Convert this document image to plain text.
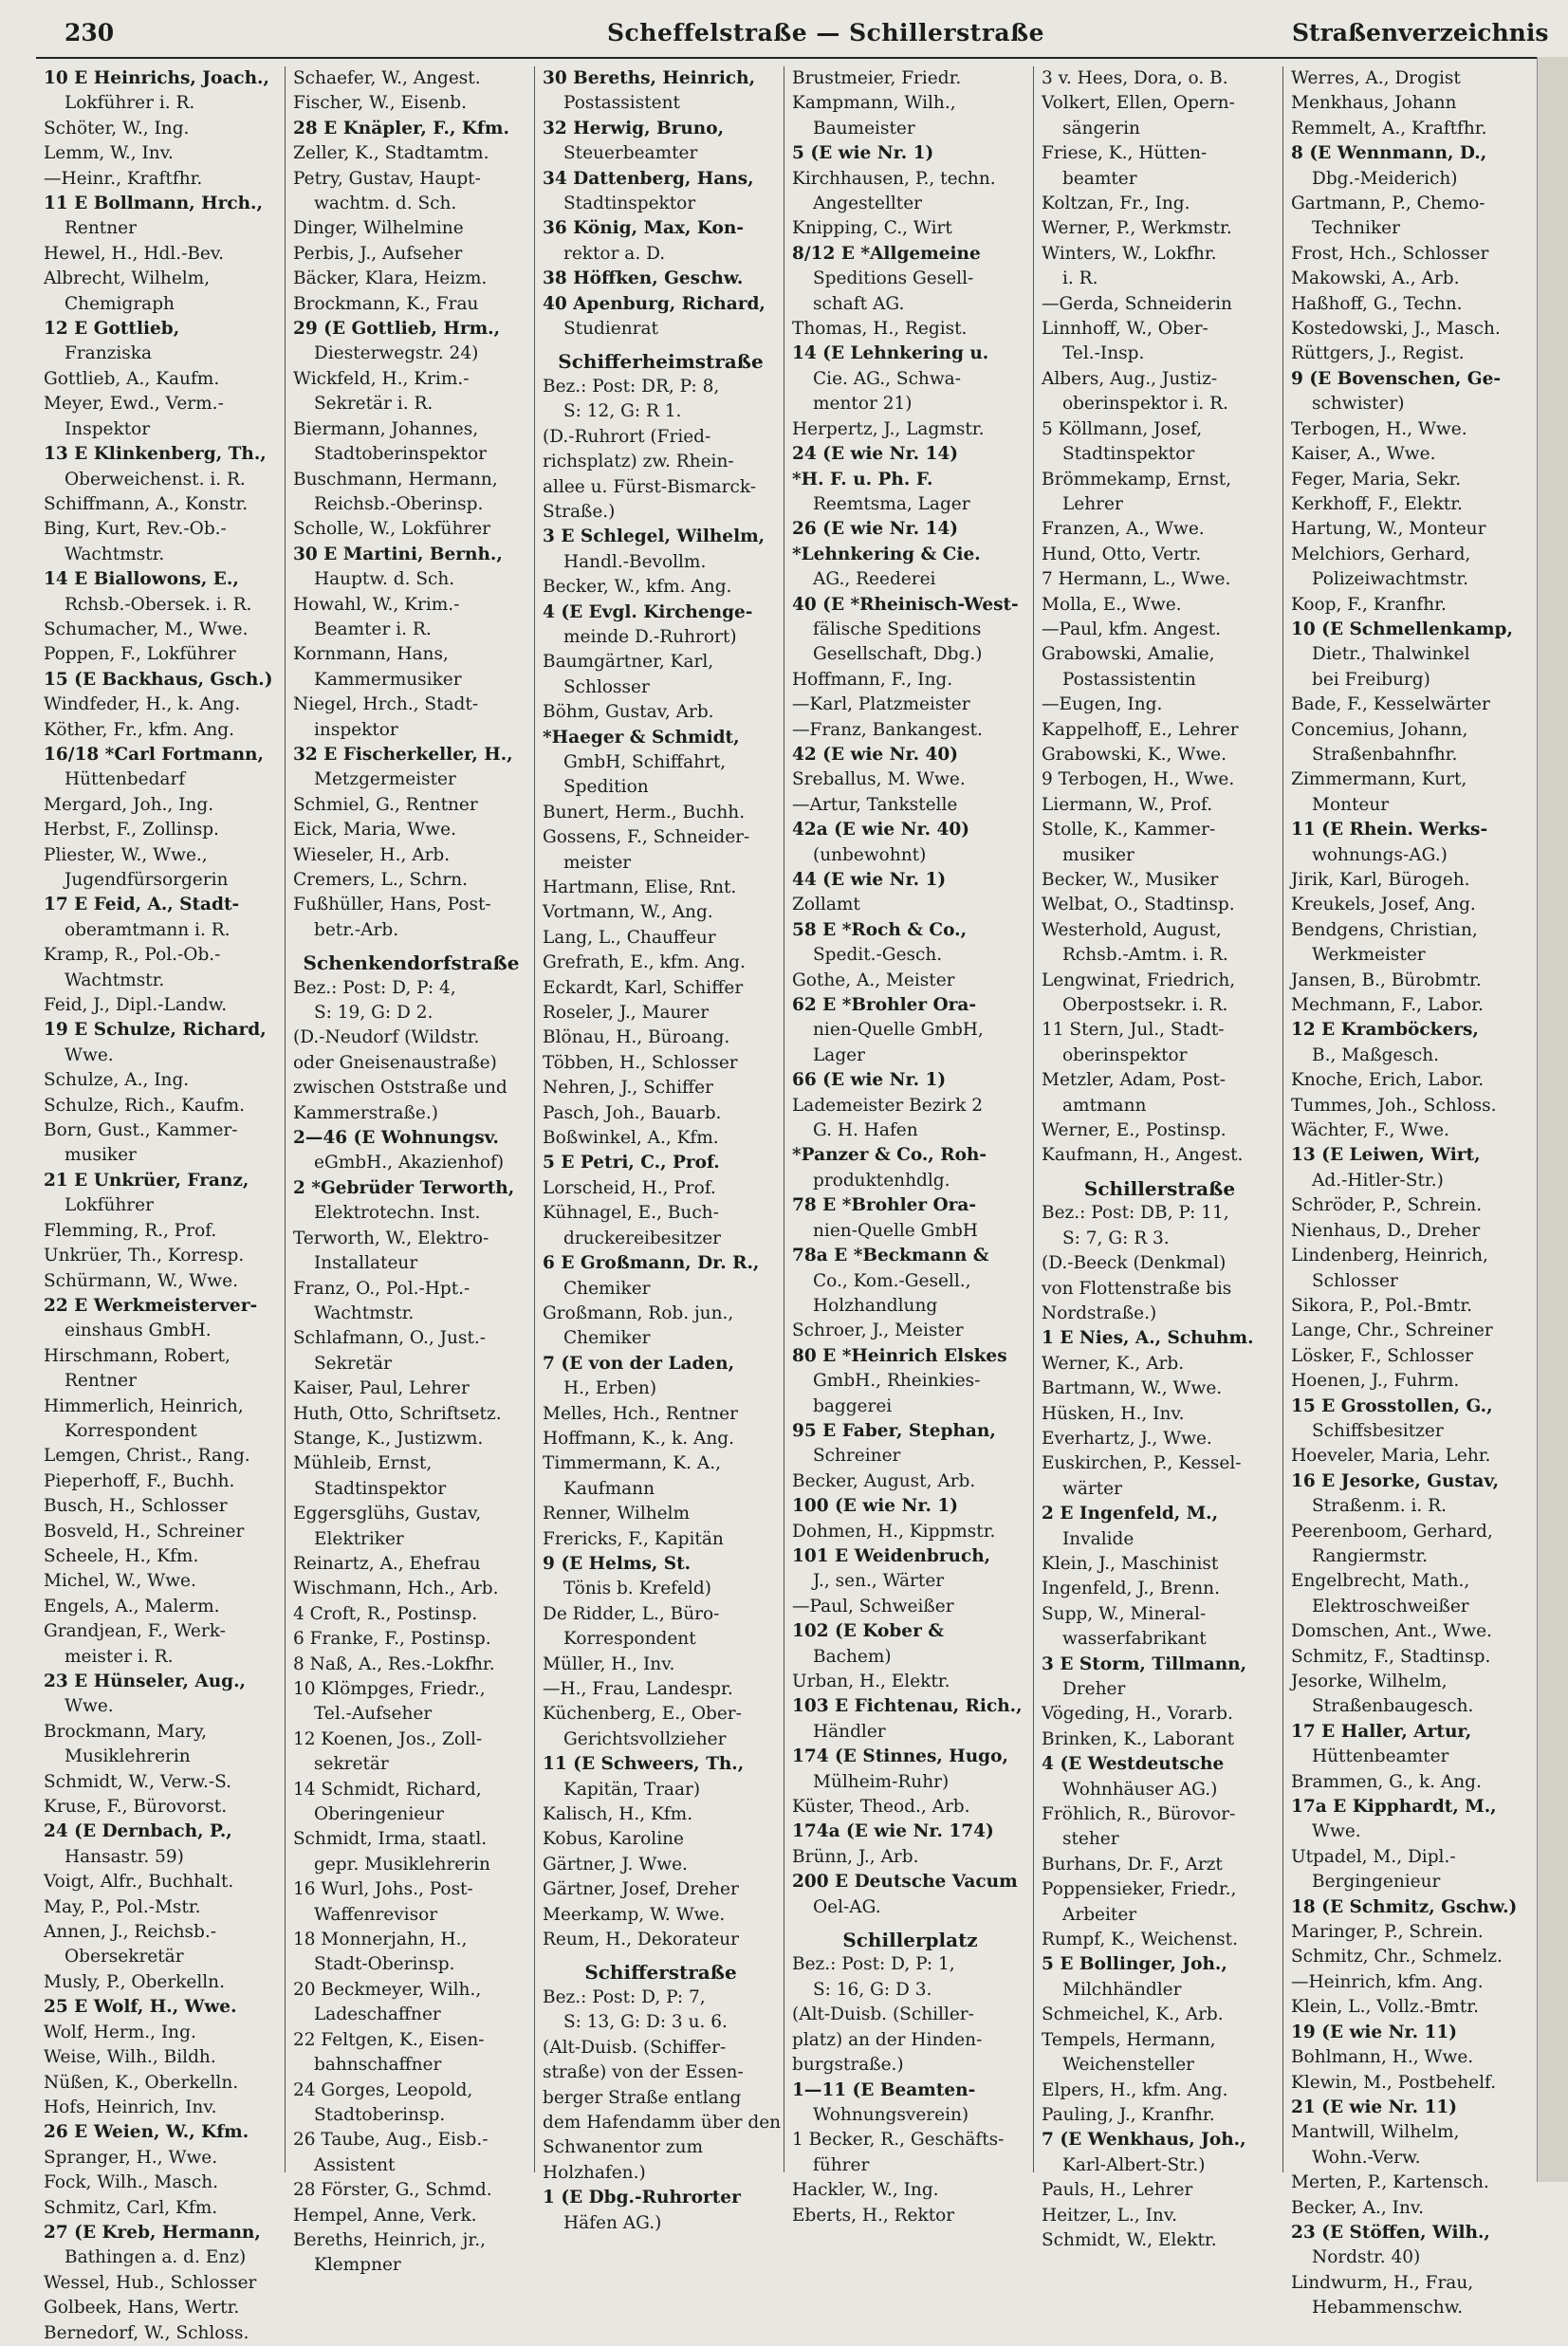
230	Scheffelstraße — Schillerstraße	Straßenverzeichnis
10 E Heinrichs, Joach.,
Lokführer i. R.
Schöter, W., Ing.
Lemm, W., Inv.
—Heinr., Kraftfhr.
11 E Bollmann, Hrch.,
Rentner
Hewel, H., Hdl.-Bev.
Albrecht, Wilhelm,
Chemigraph
12 E Gottlieb,
Franziska
Gottlieb, A., Kaufm.
Meyer, Ewd., Verm.-
Inspektor
13 E Klinkenberg, Th.,
Oberweichenst. i. R.
Schiffmann, A., Konstr.
Bing, Kurt, Rev.-Ob.-
Wachtmstr.
14 E Biallowons, E.,
Rchsb.-Obersek. i. R.
Schumacher, M., Wwe.
Poppen, F., Lokführer
15 (E Backhaus, Gsch.)
Windfeder, H., k. Ang.
Köther, Fr., kfm. Ang.
16/18 *Carl Fortmann,
Hüttenbedarf
Mergard, Joh., Ing.
Herbst, F., Zollinsp.
Pliester, W., Wwe.,
Jugendfürsorgerin
17 E Feid, A., Stadt-
oberamtmann i. R.
Kramp, R., Pol.-Ob.-
Wachtmstr.
Feid, J., Dipl.-Landw.
19 E Schulze, Richard,
Wwe.
Schulze, A., Ing.
Schulze, Rich., Kaufm.
Born, Gust., Kammer-
musiker
21 E Unkrüer, Franz,
Lokführer
Flemming, R., Prof.
Unkrüer, Th., Korresp.
Schürmann, W., Wwe.
22 E Werkmeisterver-
einshaus GmbH.
Hirschmann, Robert,
Rentner
Himmerlich, Heinrich,
Korrespondent
Lemgen, Christ., Rang.
Pieperhoff, F., Buchh.
Busch, H., Schlosser
Bosveld, H., Schreiner
Scheele, H., Kfm.
Michel, W., Wwe.
Engels, A., Malerm.
Grandjean, F., Werk-
meister i. R.
23 E Hünseler, Aug.,
Wwe.
Brockmann, Mary,
Musiklehrerin
Schmidt, W., Verw.-S.
Kruse, F., Bürovorst.
24 (E Dernbach, P.,
Hansastr. 59)
Voigt, Alfr., Buchhalt.
May, P., Pol.-Mstr.
Annen, J., Reichsb.-
Obersekretär
Musly, P., Oberkelln.
25 E Wolf, H., Wwe.
Wolf, Herm., Ing.
Weise, Wilh., Bildh.
Nüßen, K., Oberkelln.
Hofs, Heinrich, Inv.
26 E Weien, W., Kfm.
Spranger, H., Wwe.
Fock, Wilh., Masch.
Schmitz, Carl, Kfm.
27 (E Kreb, Hermann,
Bathingen a. d. Enz)
Wessel, Hub., Schlosser
Golbeek, Hans, Wertr.
Bernedorf, W., Schloss.
Schaefer, W., Angest.
Fischer, W., Eisenb.
28 E Knäpler, F., Kfm.
Zeller, K., Stadtamtm.
Petry, Gustav, Haupt-
wachtm. d. Sch.
Dinger, Wilhelmine
Perbis, J., Aufseher
Bäcker, Klara, Heizm.
Brockmann, K., Frau
29 (E Gottlieb, Hrm.,
Diesterwegstr. 24)
Wickfeld, H., Krim.-
Sekretär i. R.
Biermann, Johannes,
Stadtoberinspektor
Buschmann, Hermann,
Reichsb.-Oberinsp.
Scholle, W., Lokführer
30 E Martini, Bernh.,
Hauptw. d. Sch.
Howahl, W., Krim.-
Beamter i. R.
Kornmann, Hans,
Kammermusiker
Niegel, Hrch., Stadt-
inspektor
32 E Fischerkeller, H.,
Metzgermeister
Schmiel, G., Rentner
Eick, Maria, Wwe.
Wieseler, H., Arb.
Cremers, L., Schrn.
Fußhüller, Hans, Post-
betr.-Arb.
Schenkendorfstraße
Bez.: Post: D, P: 4,
S: 19, G: D 2.
(D.-Neudorf (Wildstr.
oder Gneisenaustraße)
zwischen Oststraße und
Kammerstraße.)
2—46 (E Wohnungsv.
eGmbH., Akazienhof)
2 *Gebrüder Terworth,
Elektrotechn. Inst.
Terworth, W., Elektro-
Installateur
Franz, O., Pol.-Hpt.-
Wachtmstr.
Schlafmann, O., Just.-
Sekretär
Kaiser, Paul, Lehrer
Huth, Otto, Schriftsetz.
Stange, K., Justizwm.
Mühleib, Ernst,
Stadtinspektor
Eggersglühs, Gustav,
Elektriker
Reinartz, A., Ehefrau
Wischmann, Hch., Arb.
4 Croft, R., Postinsp.
6 Franke, F., Postinsp.
8 Naß, A., Res.-Lokfhr.
10 Klömpges, Friedr.,
Tel.-Aufseher
12 Koenen, Jos., Zoll-
sekretär
14 Schmidt, Richard,
Oberingenieur
Schmidt, Irma, staatl.
gepr. Musiklehrerin
16 Wurl, Johs., Post-
Waffenrevisor
18 Monnerjahn, H.,
Stadt-Oberinsp.
20 Beckmeyer, Wilh.,
Ladeschaffner
22 Feltgen, K., Eisen-
bahnschaffner
24 Gorges, Leopold,
Stadtoberinsp.
26 Taube, Aug., Eisb.-
Assistent
28 Förster, G., Schmd.
Hempel, Anne, Verk.
Bereths, Heinrich, jr.,
Klempner
30 Bereths, Heinrich,
Postassistent
32 Herwig, Bruno,
Steuerbeamter
34 Dattenberg, Hans,
Stadtinspektor
36 König, Max, Kon-
rektor a. D.
38 Höffken, Geschw.
40 Apenburg, Richard,
Studienrat
Schifferheimstraße
Bez.: Post: DR, P: 8,
S: 12, G: R 1.
(D.-Ruhrort (Fried-
richsplatz) zw. Rhein-
allee u. Fürst-Bismarck-
Straße.)
3 E Schlegel, Wilhelm,
Handl.-Bevollm.
Becker, W., kfm. Ang.
4 (E Evgl. Kirchenge-
meinde D.-Ruhrort)
Baumgärtner, Karl,
Schlosser
Böhm, Gustav, Arb.
*Haeger & Schmidt,
GmbH, Schiffahrt,
Spedition
Bunert, Herm., Buchh.
Gossens, F., Schneider-
meister
Hartmann, Elise, Rnt.
Vortmann, W., Ang.
Lang, L., Chauffeur
Grefrath, E., kfm. Ang.
Eckardt, Karl, Schiffer
Roseler, J., Maurer
Blönau, H., Büroang.
Többen, H., Schlosser
Nehren, J., Schiffer
Pasch, Joh., Bauarb.
Boßwinkel, A., Kfm.
5 E Petri, C., Prof.
Lorscheid, H., Prof.
Kühnagel, E., Buch-
druckereibesitzer
6 E Großmann, Dr. R.,
Chemiker
Großmann, Rob. jun.,
Chemiker
7 (E von der Laden,
H., Erben)
Melles, Hch., Rentner
Hoffmann, K., k. Ang.
Timmermann, K. A.,
Kaufmann
Renner, Wilhelm
Frericks, F., Kapitän
9 (E Helms, St.
Tönis b. Krefeld)
De Ridder, L., Büro-
Korrespondent
Müller, H., Inv.
—H., Frau, Landespr.
Küchenberg, E., Ober-
Gerichtsvollzieher
11 (E Schweers, Th.,
Kapitän, Traar)
Kalisch, H., Kfm.
Kobus, Karoline
Gärtner, J. Wwe.
Gärtner, Josef, Dreher
Meerkamp, W. Wwe.
Reum, H., Dekorateur
Schifferstraße
Bez.: Post: D, P: 7,
S: 13, G: D: 3 u. 6.
(Alt-Duisb. (Schiffer-
straße) von der Essen-
berger Straße entlang
dem Hafendamm über den
Schwanentor zum
Holzhafen.)
1 (E Dbg.-Ruhrorter
Häfen AG.)
Brustmeier, Friedr.
Kampmann, Wilh.,
Baumeister
5 (E wie Nr. 1)
Kirchhausen, P., techn.
Angestellter
Knipping, C., Wirt
8/12 E *Allgemeine
Speditions Gesell-
schaft AG.
Thomas, H., Regist.
14 (E Lehnkering u.
Cie. AG., Schwa-
mentor 21)
Herpertz, J., Lagmstr.
24 (E wie Nr. 14)
*H. F. u. Ph. F.
Reemtsma, Lager
26 (E wie Nr. 14)
*Lehnkering & Cie.
AG., Reederei
40 (E *Rheinisch-West-
fälische Speditions
Gesellschaft, Dbg.)
Hoffmann, F., Ing.
—Karl, Platzmeister
—Franz, Bankangest.
42 (E wie Nr. 40)
Sreballus, M. Wwe.
—Artur, Tankstelle
42a (E wie Nr. 40)
(unbewohnt)
44 (E wie Nr. 1)
Zollamt
58 E *Roch & Co.,
Spedit.-Gesch.
Gothe, A., Meister
62 E *Brohler Ora-
nien-Quelle GmbH,
Lager
66 (E wie Nr. 1)
Lademeister Bezirk 2
G. H. Hafen
*Panzer & Co., Roh-
produktenhdlg.
78 E *Brohler Ora-
nien-Quelle GmbH
78a E *Beckmann &
Co., Kom.-Gesell.,
Holzhandlung
Schroer, J., Meister
80 E *Heinrich Elskes
GmbH., Rheinkies-
baggerei
95 E Faber, Stephan,
Schreiner
Becker, August, Arb.
100 (E wie Nr. 1)
Dohmen, H., Kippmstr.
101 E Weidenbruch,
J., sen., Wärter
—Paul, Schweißer
102 (E Kober &
Bachem)
Urban, H., Elektr.
103 E Fichtenau, Rich.,
Händler
174 (E Stinnes, Hugo,
Mülheim-Ruhr)
Küster, Theod., Arb.
174a (E wie Nr. 174)
Brünn, J., Arb.
200 E Deutsche Vacum
Oel-AG.
Schillerplatz
Bez.: Post: D, P: 1,
S: 16, G: D 3.
(Alt-Duisb. (Schiller-
platz) an der Hinden-
burgstraße.)
1—11 (E Beamten-
Wohnungsverein)
1 Becker, R., Geschäfts-
führer
Hackler, W., Ing.
Eberts, H., Rektor
3 v. Hees, Dora, o. B.
Volkert, Ellen, Opern-
sängerin
Friese, K., Hütten-
beamter
Koltzan, Fr., Ing.
Werner, P., Werkmstr.
Winters, W., Lokfhr.
i. R.
—Gerda, Schneiderin
Linnhoff, W., Ober-
Tel.-Insp.
Albers, Aug., Justiz-
oberinspektor i. R.
5 Köllmann, Josef,
Stadtinspektor
Brömmekamp, Ernst,
Lehrer
Franzen, A., Wwe.
Hund, Otto, Vertr.
7 Hermann, L., Wwe.
Molla, E., Wwe.
—Paul, kfm. Angest.
Grabowski, Amalie,
Postassistentin
—Eugen, Ing.
Kappelhoff, E., Lehrer
Grabowski, K., Wwe.
9 Terbogen, H., Wwe.
Liermann, W., Prof.
Stolle, K., Kammer-
musiker
Becker, W., Musiker
Welbat, O., Stadtinsp.
Westerhold, August,
Rchsb.-Amtm. i. R.
Lengwinat, Friedrich,
Oberpostsekr. i. R.
11 Stern, Jul., Stadt-
oberinspektor
Metzler, Adam, Post-
amtmann
Werner, E., Postinsp.
Kaufmann, H., Angest.
Schillerstraße
Bez.: Post: DB, P: 11,
S: 7, G: R 3.
(D.-Beeck (Denkmal)
von Flottenstraße bis
Nordstraße.)
1 E Nies, A., Schuhm.
Werner, K., Arb.
Bartmann, W., Wwe.
Hüsken, H., Inv.
Everhartz, J., Wwe.
Euskirchen, P., Kessel-
wärter
2 E Ingenfeld, M.,
Invalide
Klein, J., Maschinist
Ingenfeld, J., Brenn.
Supp, W., Mineral-
wasserfabrikant
3 E Storm, Tillmann,
Dreher
Vögeding, H., Vorarb.
Brinken, K., Laborant
4 (E Westdeutsche
Wohnhäuser AG.)
Fröhlich, R., Bürovor-
steher
Burhans, Dr. F., Arzt
Poppensieker, Friedr.,
Arbeiter
Rumpf, K., Weichenst.
5 E Bollinger, Joh.,
Milchhändler
Schmeichel, K., Arb.
Tempels, Hermann,
Weichensteller
Elpers, H., kfm. Ang.
Pauling, J., Kranfhr.
7 (E Wenkhaus, Joh.,
Karl-Albert-Str.)
Pauls, H., Lehrer
Heitzer, L., Inv.
Schmidt, W., Elektr.
Werres, A., Drogist
Menkhaus, Johann
Remmelt, A., Kraftfhr.
8 (E Wennmann, D.,
Dbg.-Meiderich)
Gartmann, P., Chemo-
Techniker
Frost, Hch., Schlosser
Makowski, A., Arb.
Haßhoff, G., Techn.
Kostedowski, J., Masch.
Rüttgers, J., Regist.
9 (E Bovenschen, Ge-
schwister)
Terbogen, H., Wwe.
Kaiser, A., Wwe.
Feger, Maria, Sekr.
Kerkhoff, F., Elektr.
Hartung, W., Monteur
Melchiors, Gerhard,
Polizeiwachtmstr.
Koop, F., Kranfhr.
10 (E Schmellenkamp,
Dietr., Thalwinkel
bei Freiburg)
Bade, F., Kesselwärter
Concemius, Johann,
Straßenbahnfhr.
Zimmermann, Kurt,
Monteur
11 (E Rhein. Werks-
wohnungs-AG.)
Jirik, Karl, Bürogeh.
Kreukels, Josef, Ang.
Bendgens, Christian,
Werkmeister
Jansen, B., Bürobmtr.
Mechmann, F., Labor.
12 E Kramböckers,
B., Maßgesch.
Knoche, Erich, Labor.
Tummes, Joh., Schloss.
Wächter, F., Wwe.
13 (E Leiwen, Wirt,
Ad.-Hitler-Str.)
Schröder, P., Schrein.
Nienhaus, D., Dreher
Lindenberg, Heinrich,
Schlosser
Sikora, P., Pol.-Bmtr.
Lange, Chr., Schreiner
Lösker, F., Schlosser
Hoenen, J., Fuhrm.
15 E Grosstollen, G.,
Schiffsbesitzer
Hoeveler, Maria, Lehr.
16 E Jesorke, Gustav,
Straßenm. i. R.
Peerenboom, Gerhard,
Rangiermstr.
Engelbrecht, Math.,
Elektroschweißer
Domschen, Ant., Wwe.
Schmitz, F., Stadtinsp.
Jesorke, Wilhelm,
Straßenbaugesch.
17 E Haller, Artur,
Hüttenbeamter
Brammen, G., k. Ang.
17a E Kipphardt, M.,
Wwe.
Utpadel, M., Dipl.-
Bergingenieur
18 (E Schmitz, Gschw.)
Maringer, P., Schrein.
Schmitz, Chr., Schmelz.
—Heinrich, kfm. Ang.
Klein, L., Vollz.-Bmtr.
19 (E wie Nr. 11)
Bohlmann, H., Wwe.
Klewin, M., Postbehelf.
21 (E wie Nr. 11)
Mantwill, Wilhelm,
Wohn.-Verw.
Merten, P., Kartensch.
Becker, A., Inv.
23 (E Stöffen, Wilh.,
Nordstr. 40)
Lindwurm, H., Frau,
Hebammenschw.
